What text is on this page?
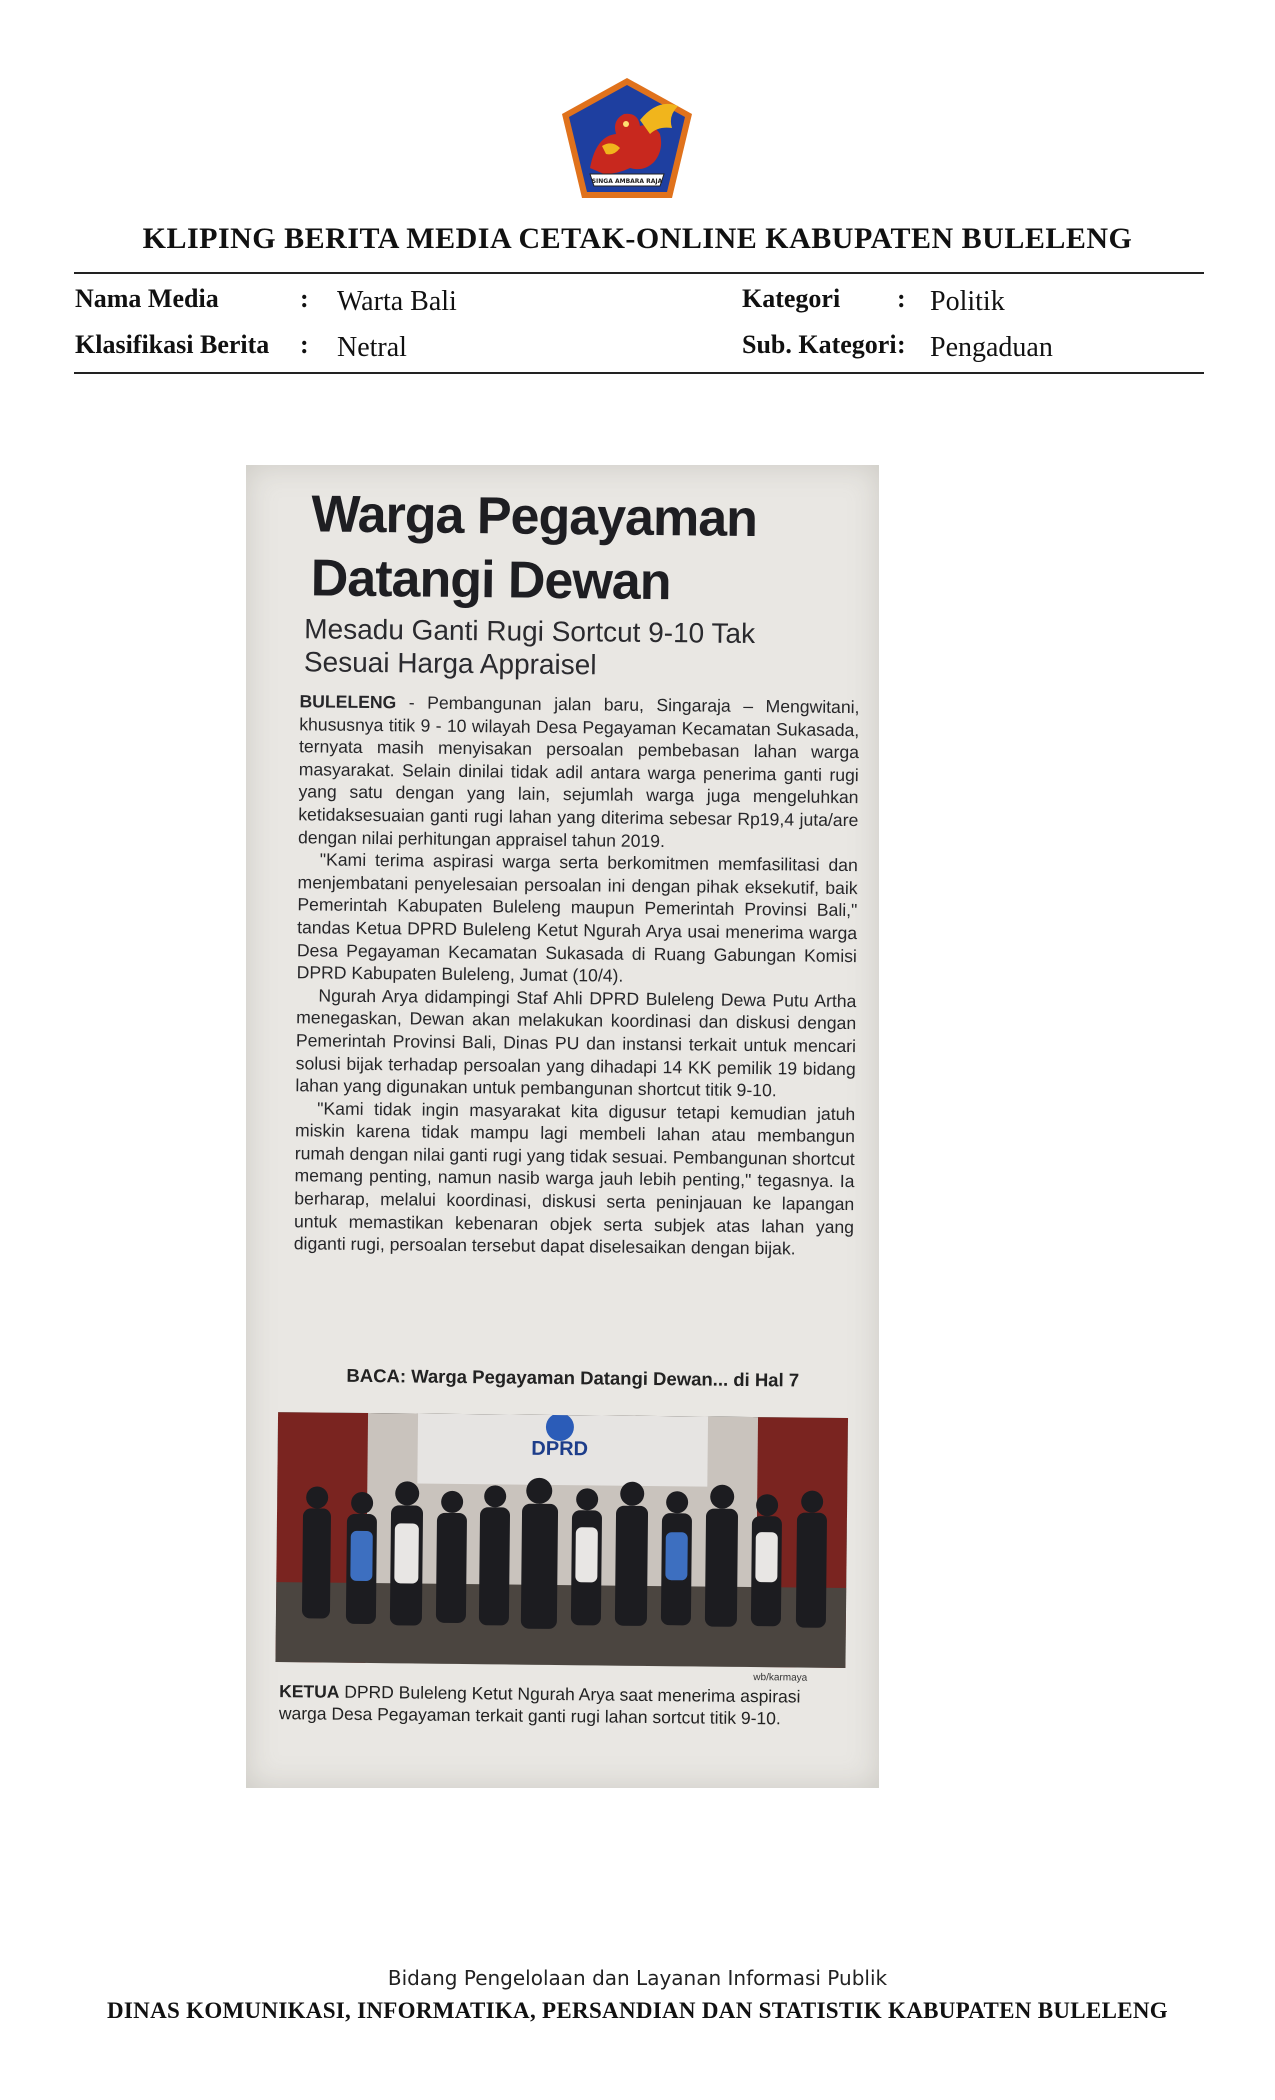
SINGA AMBARA RAJA
KLIPING BERITA MEDIA CETAK-ONLINE KABUPATEN BULELENG
Nama Media	: Warta Bali	Kategori : Politik
Klasifikasi Berita : Netral	Sub. Kategori : Pengaduan
Warga Pegayaman
Datangi Dewan
Mesadu Ganti Rugi Sortcut 9-10 Tak Sesuai Harga Appraisel

BULELENG - Pembangunan jalan baru, Singaraja – Mengwitani, khususnya titik 9 - 10 wilayah Desa Pegayaman Kecamatan Sukasada, ternyata masih menyisakan persoalan pembebasan lahan warga masyarakat. Selain dinilai tidak adil antara warga penerima ganti rugi yang satu dengan yang lain, sejumlah warga juga mengeluhkan ketidaksesuaian ganti rugi lahan yang diterima sebesar Rp19,4 juta/are dengan nilai perhitungan appraisel tahun 2019.

"Kami terima aspirasi warga serta berkomitmen memfasilitasi dan menjembatani penyelesaian persoalan ini dengan pihak eksekutif, baik Pemerintah Kabupaten Buleleng maupun Pemerintah Provinsi Bali," tandas Ketua DPRD Buleleng Ketut Ngurah Arya usai menerima warga Desa Pegayaman Kecamatan Sukasada di Ruang Gabungan Komisi DPRD Kabupaten Buleleng, Jumat (10/4).

Ngurah Arya didampingi Staf Ahli DPRD Buleleng Dewa Putu Artha menegaskan, Dewan akan melakukan koordinasi dan diskusi dengan Pemerintah Provinsi Bali, Dinas PU dan instansi terkait untuk mencari solusi bijak terhadap persoalan yang dihadapi 14 KK pemilik 19 bidang lahan yang digunakan untuk pembangunan shortcut titik 9-10.

"Kami tidak ingin masyarakat kita digusur tetapi kemudian jatuh miskin karena tidak mampu lagi membeli lahan atau membangun rumah dengan nilai ganti rugi yang tidak sesuai. Pembangunan shortcut memang penting, namun nasib warga jauh lebih penting," tegasnya. Ia berharap, melalui koordinasi, diskusi serta peninjauan ke lapangan untuk memastikan kebenaran objek serta subjek atas lahan yang diganti rugi, persoalan tersebut dapat diselesaikan dengan bijak.

BACA: Warga Pegayaman Datangi Dewan... di Hal 7
DPRD
wb/karmaya
KETUA DPRD Buleleng Ketut Ngurah Arya saat menerima aspirasi warga Desa Pegayaman terkait ganti rugi lahan sortcut titik 9-10.
Bidang Pengelolaan dan Layanan Informasi Publik
DINAS KOMUNIKASI, INFORMATIKA, PERSANDIAN DAN STATISTIK KABUPATEN BULELENG
